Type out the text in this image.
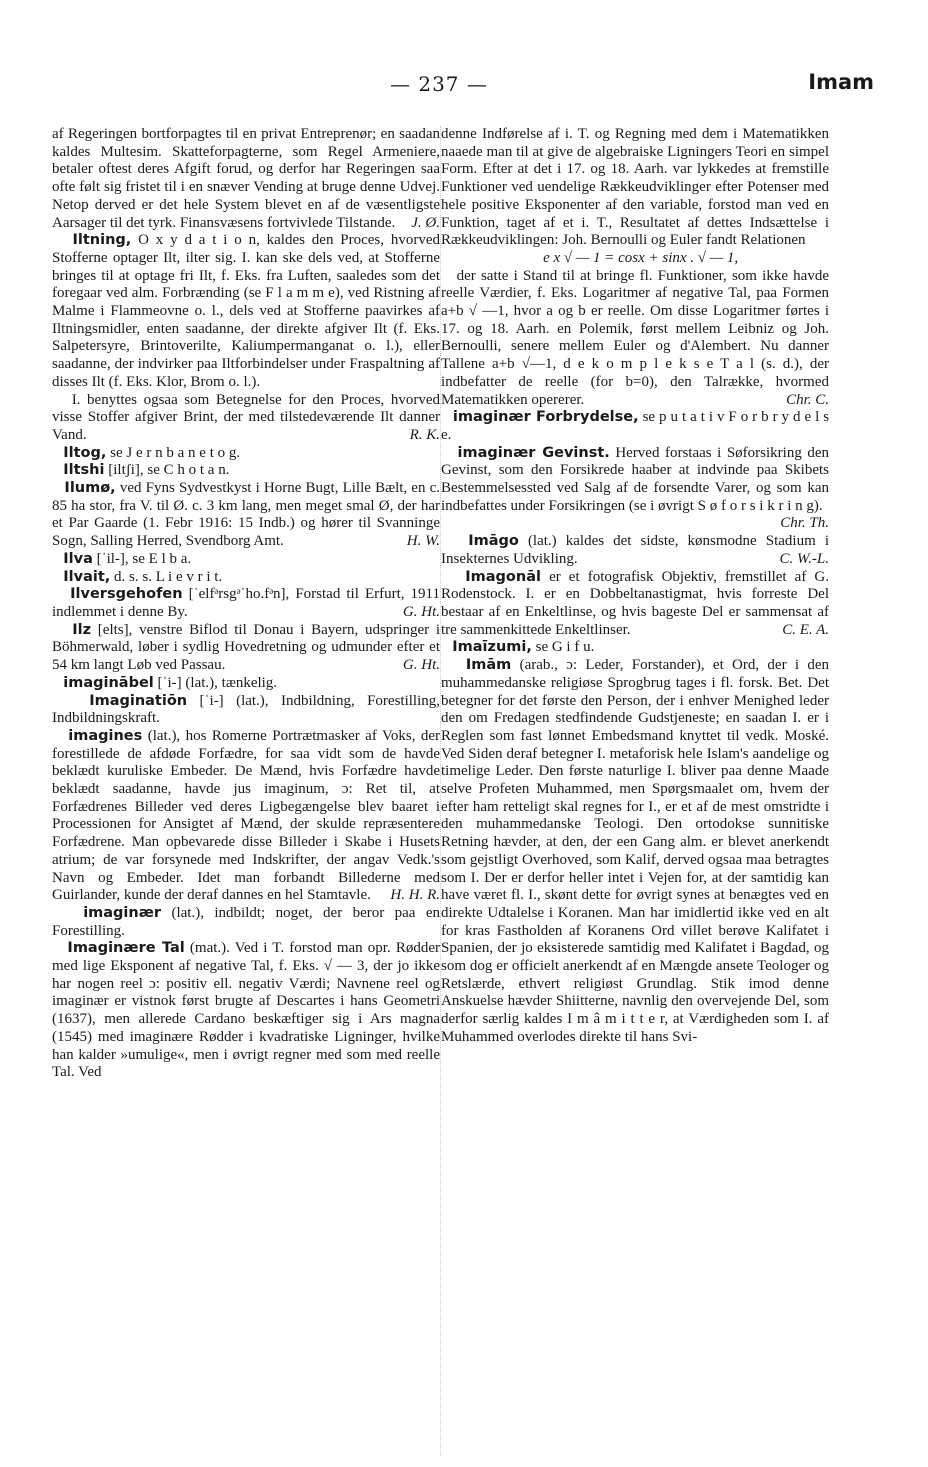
— 237 —	Imam

af Regeringen bortforpagtes til en privat Entreprenør; en saadan kaldes Multesim. Skatteforpagterne, som Regel Armeniere, betaler oftest deres Afgift forud, og derfor har Regeringen saa ofte følt sig fristet til i en snæver Vending at bruge denne Udvej. Netop derved er det hele System blevet en af de væsentligste Aarsager til det tyrk. Finansvæsens fortvivlede Tilstande. J. Ø.

Iltning, O x y d a t i o n, kaldes den Proces, hvorved Stofferne optager Ilt, ilter sig. I. kan ske dels ved, at Stofferne bringes til at optage fri Ilt, f. Eks. fra Luften, saaledes som det foregaar ved alm. Forbrænding (se F l a m m e), ved Ristning af Malme i Flammeovne o. l., dels ved at Stofferne paavirkes af Iltningsmidler, enten saadanne, der direkte afgiver Ilt (f. Eks. Salpetersyre, Brintoverilte, Kaliumpermanganat o. l.), eller saadanne, der indvirker paa Iltforbindelser under Fraspaltning af disses Ilt (f. Eks. Klor, Brom o. l.).

I. benyttes ogsaa som Betegnelse for den Proces, hvorved visse Stoffer afgiver Brint, der med tilstedeværende Ilt danner Vand.	R. K.

Iltog, se J e r n b a n e t o g.

Iltshi [iltʃi], se C h o t a n.

Ilumø, ved Fyns Sydvestkyst i Horne Bugt, Lille Bælt, en c. 85 ha stor, fra V. til Ø. c. 3 km lang, men meget smal Ø, der har et Par Gaarde (1. Febr 1916: 15 Indb.) og hører til Svanninge Sogn, Salling Herred, Svendborg Amt.	H. W.

Ilva [ˈil-], se E l b a.

Ilvait, d. s. s. L i e v r i t.

Ilversgehofen [ˈelfᵊrsgᵊˈho.fᵊn], Forstad til Erfurt, 1911 indlemmet i denne By.	G. Ht.

Ilz [elts], venstre Biflod til Donau i Bayern, udspringer i Böhmerwald, løber i sydlig Hovedretning og udmunder efter et 54 km langt Løb ved Passau.	G. Ht.

imaginābel [ˈi-] (lat.), tænkelig.

Imaginatiōn [ˈi-] (lat.), Indbildning, Forestilling, Indbildningskraft.

imagines (lat.), hos Romerne Portrætmasker af Voks, der forestillede de afdøde Forfædre, for saa vidt som de havde beklædt kuruliske Embeder. De Mænd, hvis Forfædre havde beklædt saadanne, havde jus imaginum, ɔ: Ret til, at Forfædrenes Billeder ved deres Ligbegængelse blev baaret i Processionen for Ansigtet af Mænd, der skulde repræsentere Forfædrene. Man opbevarede disse Billeder i Skabe i Husets atrium; de var forsynede med Indskrifter, der angav Vedk.'s Navn og Embeder. Idet man forbandt Billederne med Guirlander, kunde der deraf dannes en hel Stamtavle. H. H. R.

imaginær (lat.), indbildt; noget, der beror paa en Forestilling.

Imaginære Tal (mat.). Ved i T. forstod man opr. Rødder med lige Eksponent af negative Tal, f. Eks. √ — 3, der jo ikke har nogen reel ɔ: positiv ell. negativ Værdi; Navnene reel og imaginær er vistnok først brugte af Descartes i hans Geometri (1637), men allerede Cardano beskæftiger sig i Ars magna (1545) med imaginære Rødder i kvadratiske Ligninger, hvilke han kalder »umulige«, men i øvrigt regner med som med reelle Tal. Ved

denne Indførelse af i. T. og Regning med dem i Matematikken naaede man til at give de algebraiske Ligningers Teori en simpel Form. Efter at det i 17. og 18. Aarh. var lykkedes at fremstille Funktioner ved uendelige Rækkeudviklinger efter Potenser med hele positive Eksponenter af den variable, forstod man ved en Funktion, taget af et i. T., Resultatet af dettes Indsættelse i Rækkeudviklingen: Joh. Bernoulli og Euler fandt Relationen

e x √ — 1 = cosx + sinx . √ — 1,

der satte i Stand til at bringe fl. Funktioner, som ikke havde reelle Værdier, f. Eks. Logaritmer af negative Tal, paa Formen a+b √ —1, hvor a og b er reelle. Om disse Logaritmer førtes i 17. og 18. Aarh. en Polemik, først mellem Leibniz og Joh. Bernoulli, senere mellem Euler og d'Alembert. Nu danner Tallene a+b √—1, d e k o m p l e k s e T a l (s. d.), der indbefatter de reelle (for b=0), den Talrække, hvormed Matematikken opererer.	Chr. C.

imaginær Forbrydelse, se p u t a t i v F o r b r y d e l s e.

imaginær Gevinst. Herved forstaas i Søforsikring den Gevinst, som den Forsikrede haaber at indvinde paa Skibets Bestemmelsessted ved Salg af de forsendte Varer, og som kan indbefattes under Forsikringen (se i øvrigt S ø f o r s i k r i n g).
Chr. Th.

Imāgo (lat.) kaldes det sidste, kønsmodne Stadium i Insekternes Udvikling.	C. W.-L.

Imagonāl er et fotografisk Objektiv, fremstillet af G. Rodenstock. I. er en Dobbeltanastigmat, hvis forreste Del bestaar af en Enkeltlinse, og hvis bageste Del er sammensat af tre sammenkittede Enkeltlinser.	C. E. A.

Imaīzumi, se G i f u.

Imām (arab., ɔ: Leder, Forstander), et Ord, der i den muhammedanske religiøse Sprogbrug tages i fl. forsk. Bet. Det betegner for det første den Person, der i enhver Menighed leder den om Fredagen stedfindende Gudstjeneste; en saadan I. er i Reglen som fast lønnet Embedsmand knyttet til vedk. Moské. Ved Siden deraf betegner I. metaforisk hele Islam's aandelige og timelige Leder. Den første naturlige I. bliver paa denne Maade selve Profeten Muhammed, men Spørgsmaalet om, hvem der efter ham retteligt skal regnes for I., er et af de mest omstridte i den muhammedanske Teologi. Den ortodokse sunnitiske Retning hævder, at den, der een Gang alm. er blevet anerkendt som gejstligt Overhoved, som Kalif, derved ogsaa maa betragtes som I. Der er derfor heller intet i Vejen for, at der samtidig kan have været fl. I., skønt dette for øvrigt synes at benægtes ved en direkte Udtalelse i Koranen. Man har imidlertid ikke ved en alt for kras Fastholden af Koranens Ord villet berøve Kalifatet i Spanien, der jo eksisterede samtidig med Kalifatet i Bagdad, og som dog er officielt anerkendt af en Mængde ansete Teologer og Retslærde, ethvert religiøst Grundlag. Stik imod denne Anskuelse hævder Shiitterne, navnlig den overvejende Del, som derfor særlig kaldes I m â m i t t e r, at Værdigheden som I. af Muhammed overlodes direkte til hans Svi-
